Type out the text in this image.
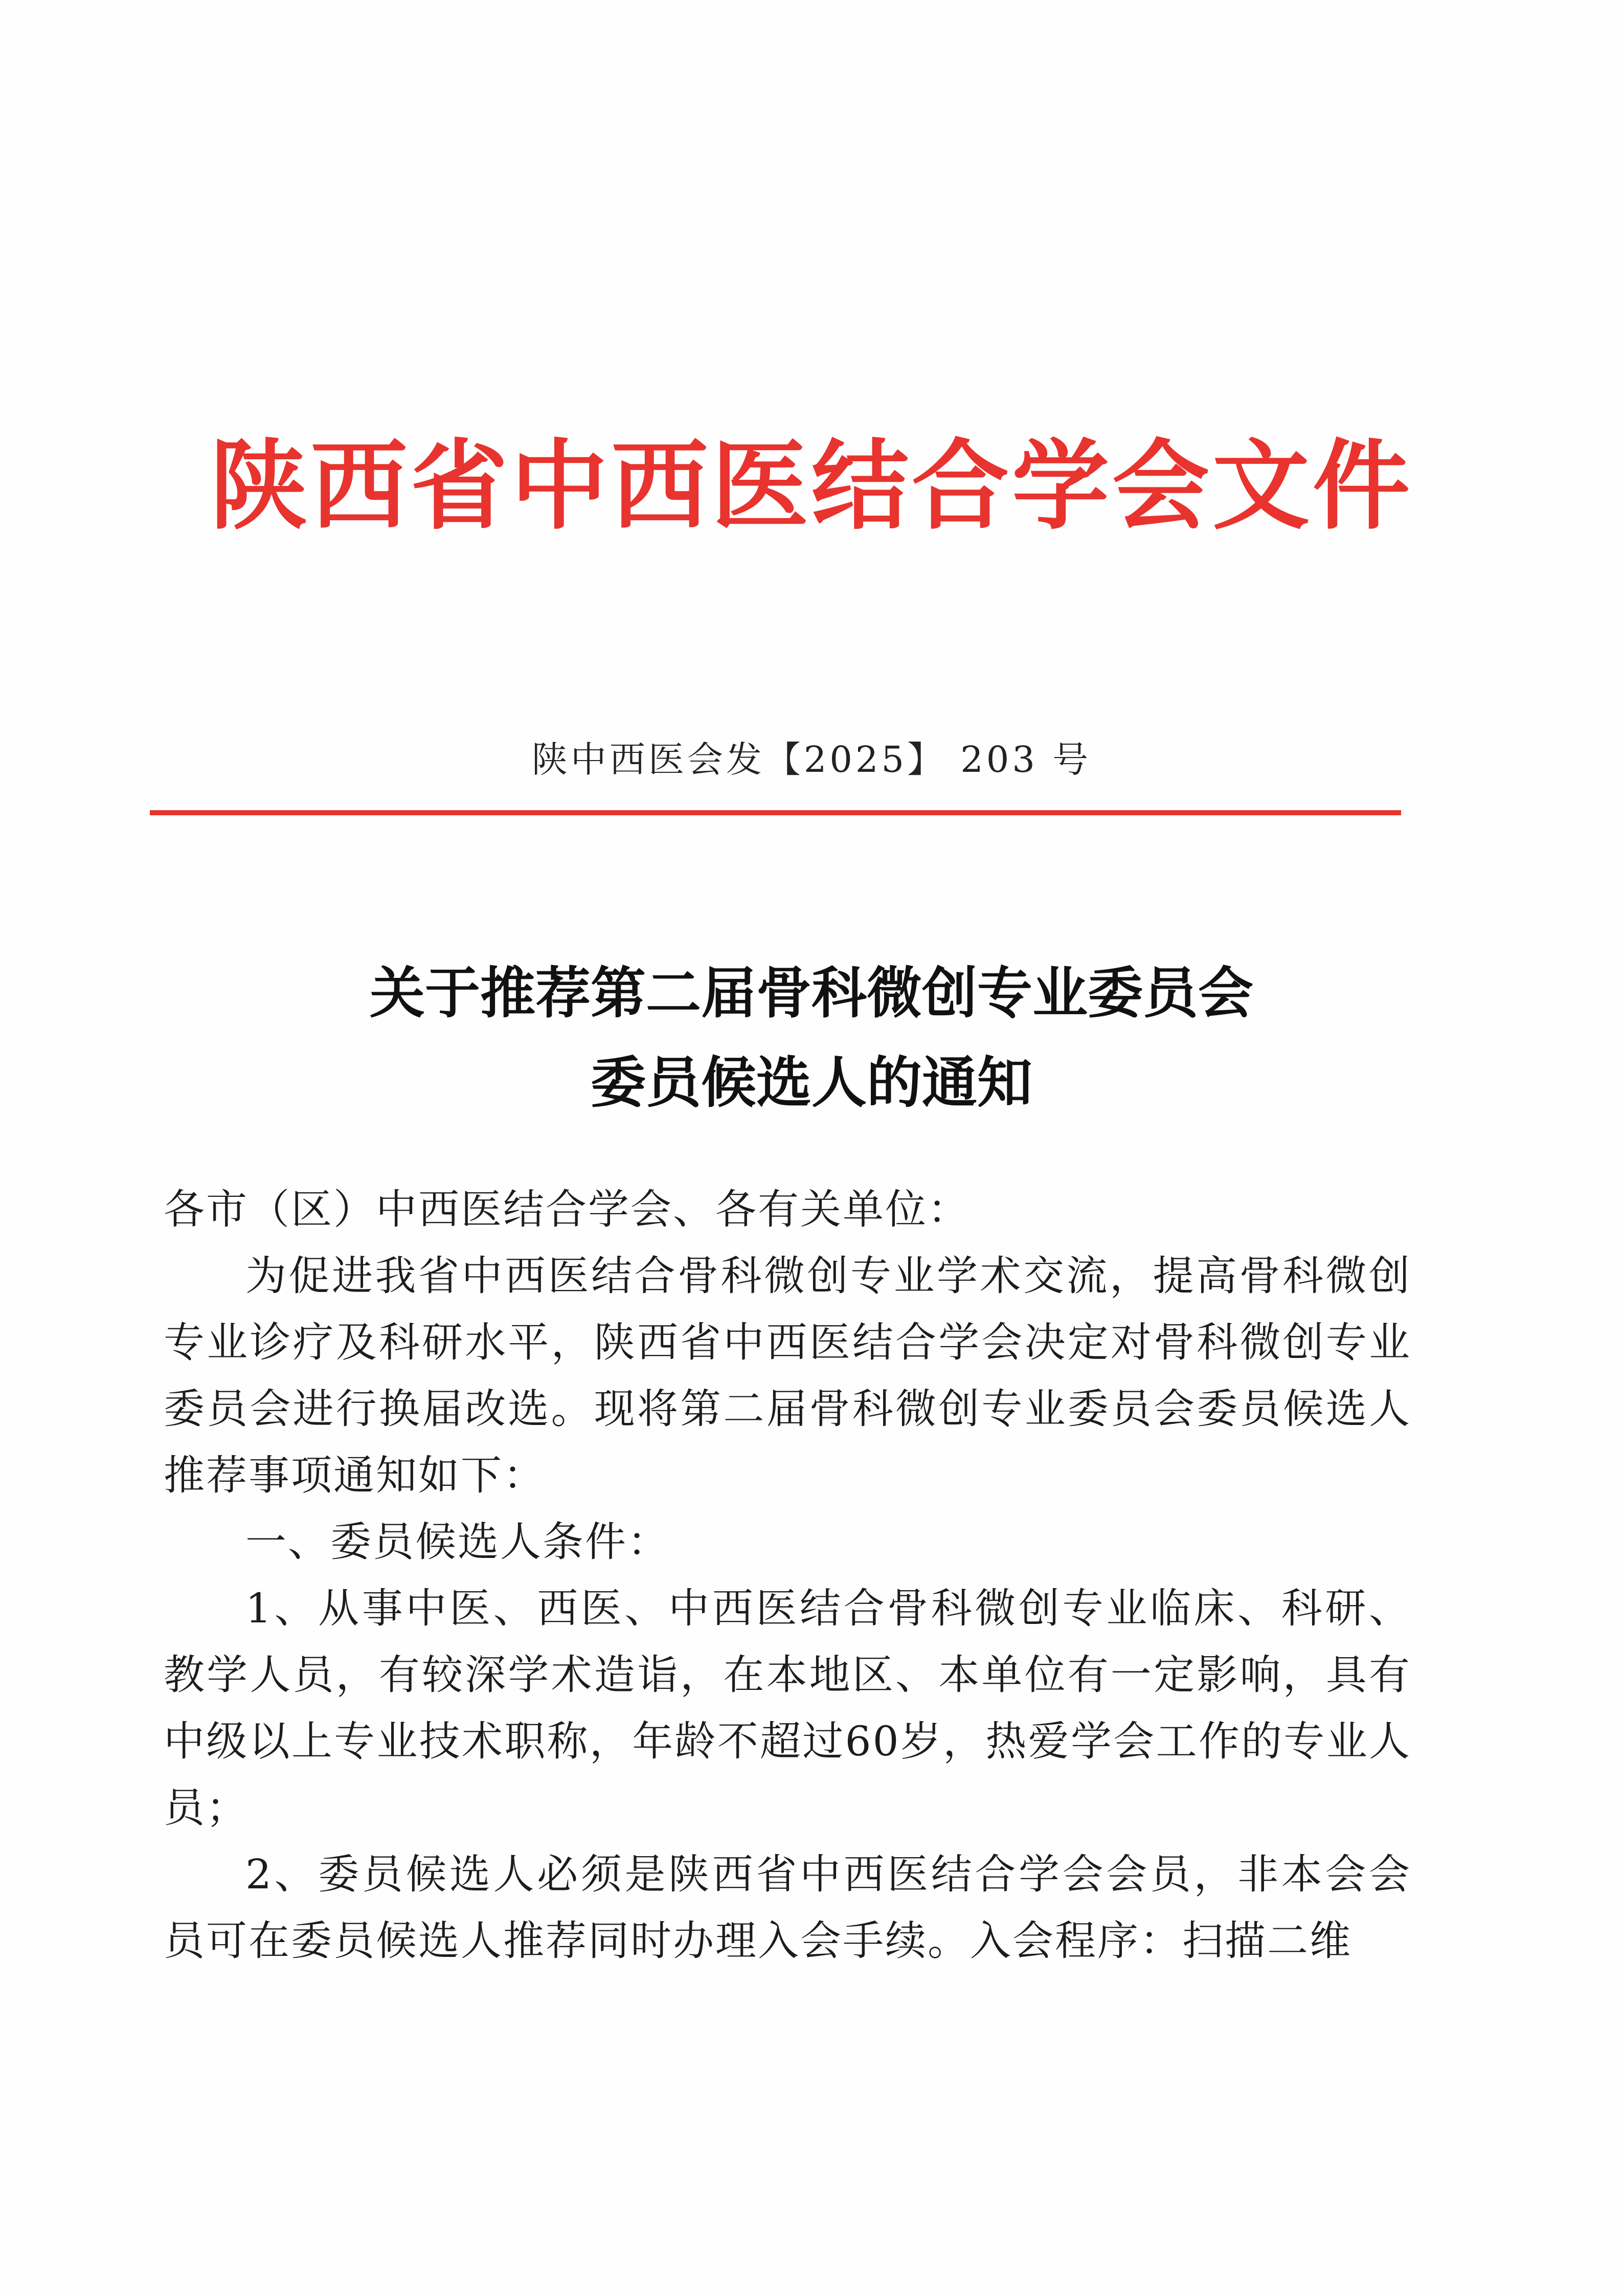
陕西省中西医结合学会文件
陕中西医会发【2025】 203 号
关于推荐第二届骨科微创专业委员会
委员候选人的通知

各市（区）中西医结合学会、各有关单位：

为促进我省中西医结合骨科微创专业学术交流，提高骨科微创专业诊疗及科研水平，陕西省中西医结合学会决定对骨科微创专业委员会进行换届改选。现将第二届骨科微创专业委员会委员候选人推荐事项通知如下：

一、委员候选人条件：

1、从事中医、西医、中西医结合骨科微创专业临床、科研、教学人员，有较深学术造诣，在本地区、本单位有一定影响，具有中级以上专业技术职称，年龄不超过60岁，热爱学会工作的专业人员；

2、委员候选人必须是陕西省中西医结合学会会员，非本会会员可在委员候选人推荐同时办理入会手续。入会程序：扫描二维
